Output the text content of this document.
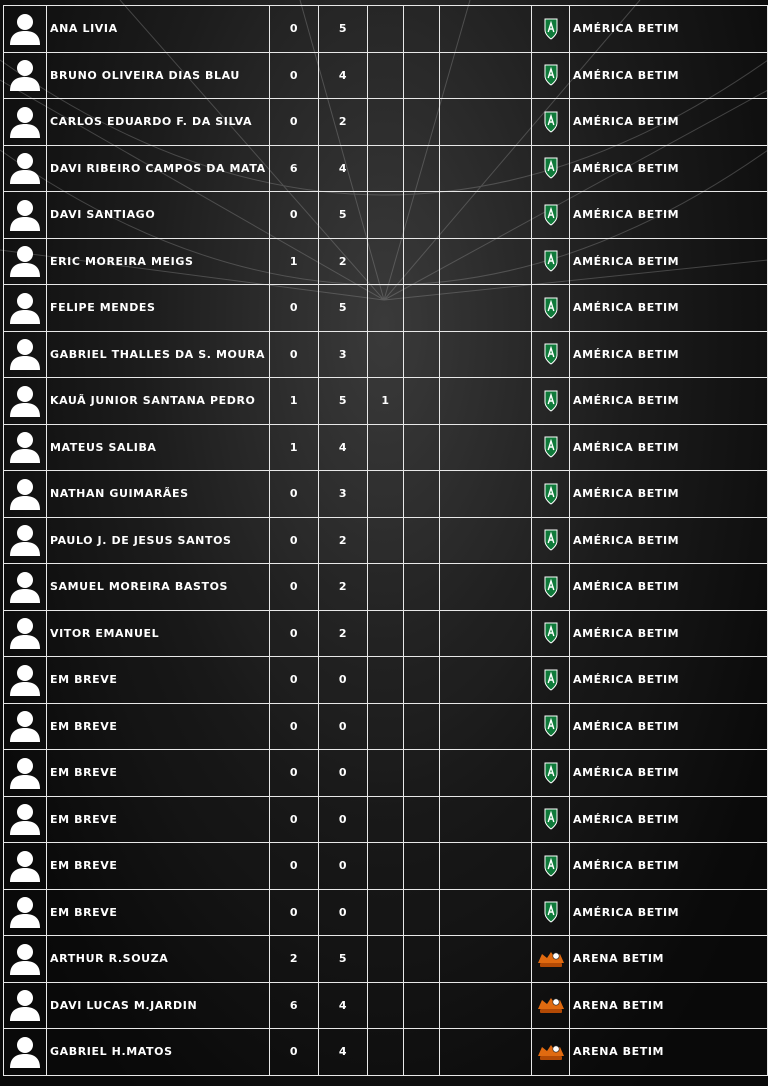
	ANA LIVIA	0	5					AMÉRICA BETIM

	BRUNO OLIVEIRA DIAS BLAU	0	4					AMÉRICA BETIM

	CARLOS EDUARDO F. DA SILVA	0	2					AMÉRICA BETIM

	DAVI RIBEIRO CAMPOS DA MATA	6	4					AMÉRICA BETIM

	DAVI SANTIAGO	0	5					AMÉRICA BETIM

	ERIC MOREIRA MEIGS	1	2					AMÉRICA BETIM

	FELIPE MENDES	0	5					AMÉRICA BETIM

	GABRIEL THALLES DA S. MOURA	0	3					AMÉRICA BETIM

	KAUÃ JUNIOR SANTANA PEDRO	1	5	1				AMÉRICA BETIM

	MATEUS SALIBA	1	4					AMÉRICA BETIM

	NATHAN GUIMARÃES	0	3					AMÉRICA BETIM

	PAULO J. DE JESUS SANTOS	0	2					AMÉRICA BETIM

	SAMUEL MOREIRA BASTOS	0	2					AMÉRICA BETIM

	VITOR EMANUEL	0	2					AMÉRICA BETIM

	EM BREVE	0	0					AMÉRICA BETIM

	EM BREVE	0	0					AMÉRICA BETIM

	EM BREVE	0	0					AMÉRICA BETIM

	EM BREVE	0	0					AMÉRICA BETIM

	EM BREVE	0	0					AMÉRICA BETIM

	EM BREVE	0	0					AMÉRICA BETIM

	ARTHUR R.SOUZA	2	5					ARENA BETIM

	DAVI LUCAS M.JARDIN	6	4					ARENA BETIM

	GABRIEL H.MATOS	0	4					ARENA BETIM
